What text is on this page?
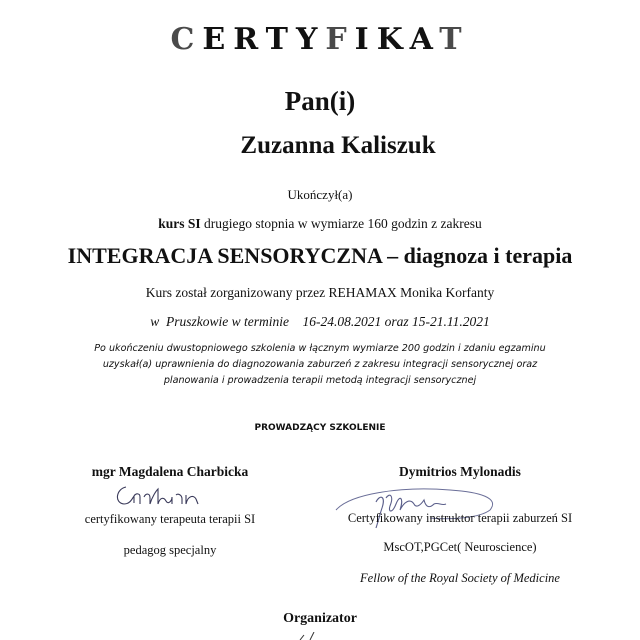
CERTYFIKAT
Pan(i)
Zuzanna Kaliszuk
Ukończył(a)
kurs SI drugiego stopnia w wymiarze 160 godzin z zakresu
INTEGRACJA SENSORYCZNA – diagnoza i terapia
Kurs został zorganizowany przez REHAMAX Monika Korfanty
w  Pruszkowie w terminie    16-24.08.2021 oraz 15-21.11.2021
Po ukończeniu dwustopniowego szkolenia w łącznym wymiarze 200 godzin i zdaniu egzaminu
uzyskał(a) uprawnienia do diagnozowania zaburzeń z zakresu integracji sensorycznej oraz
planowania i prowadzenia terapii metodą integracji sensorycznej
PROWADZĄCY SZKOLENIE
mgr Magdalena Charbicka
certyfikowany terapeuta terapii SI
pedagog specjalny
Dymitrios Mylonadis
Certyfikowany instruktor terapii zaburzeń SI
MscOT,PGCet( Neuroscience)
Fellow of the Royal Society of Medicine
Organizator
